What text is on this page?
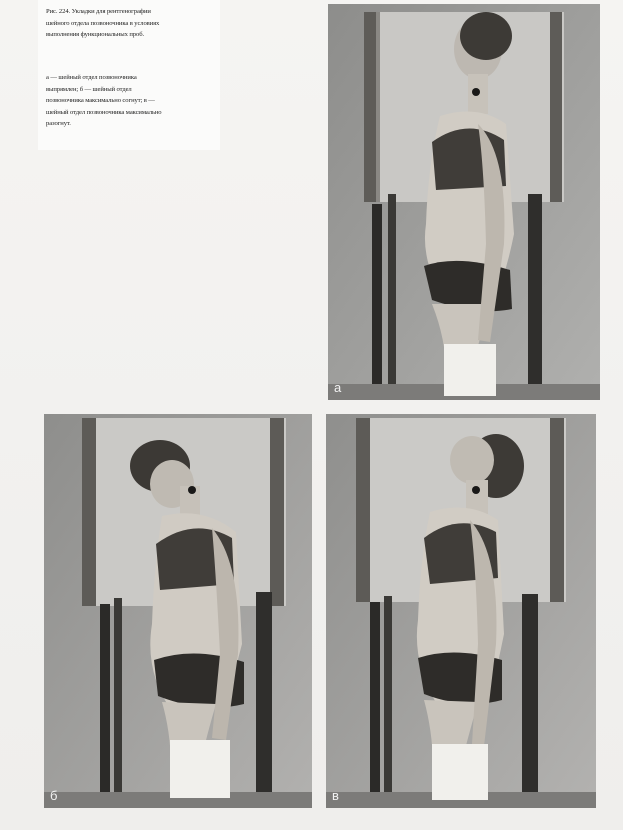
Рис. 224. Укладки для рентгенографии шейного отдела позвоночника в условиях выполнения функциональных проб.
а — шейный отдел позвоночника выпрямлен; б — шейный отдел позвоночника максимально согнут; в — шейный отдел позвоночника максимально разогнут.
а
б	в
